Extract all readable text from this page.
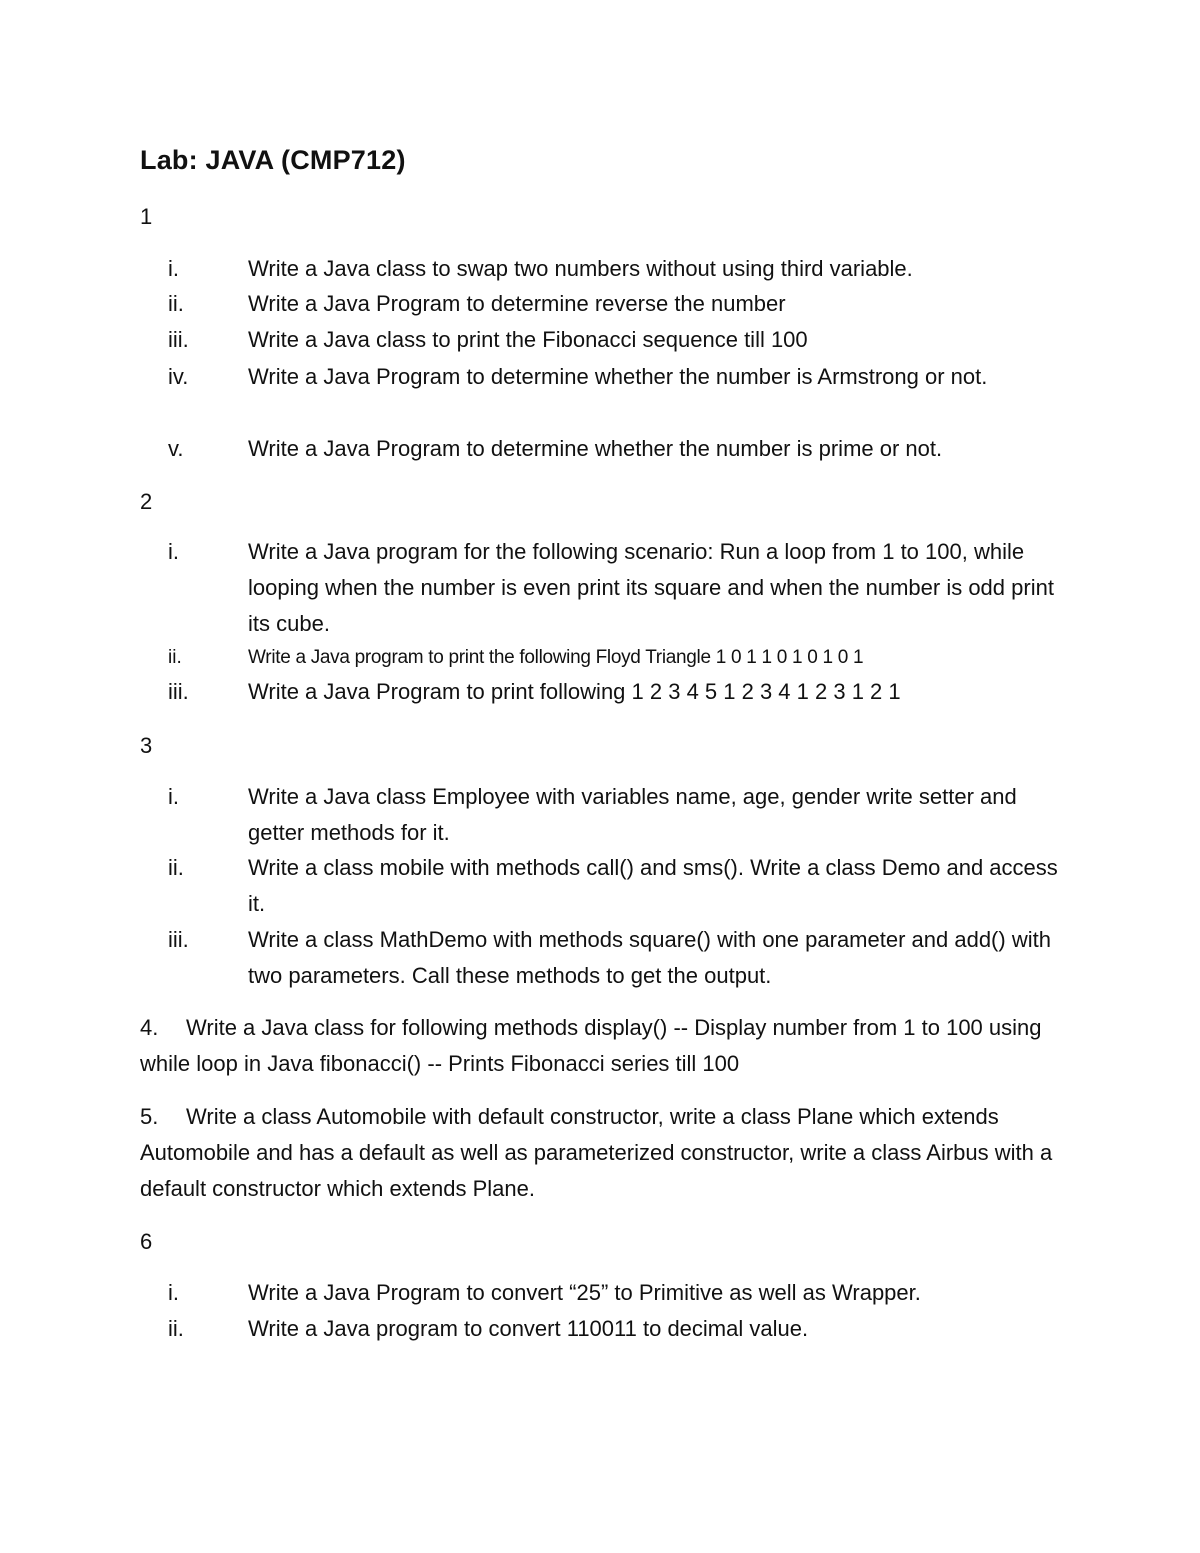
Lab: JAVA (CMP712)
1
i.	Write a Java class to swap two numbers without using third variable.
ii.	Write a Java Program to determine reverse the number
iii.	Write a Java class to print the Fibonacci sequence till 100
iv.	Write a Java Program to determine whether the number is Armstrong or not.
v.	Write a Java Program to determine whether the number is prime or not.
2
i.	Write a Java program for the following scenario: Run a loop from 1 to 100, while looping when the number is even print its square and when the number is odd print its cube.
ii.	Write a Java program to print the following Floyd Triangle 1 0 1 1 0 1 0 1 0 1
iii.	Write a Java Program to print following 1 2 3 4 5 1 2 3 4 1 2 3 1 2 1
3
i.	Write a Java class Employee with variables name, age, gender write setter and getter methods for it.
ii.	Write a class mobile with methods call() and sms(). Write a class Demo and access it.
iii.	Write a class MathDemo with methods square() with one parameter and add() with two parameters. Call these methods to get the output.
4. Write a Java class for following methods display() -- Display number from 1 to 100 using while loop in Java fibonacci() -- Prints Fibonacci series till 100
5. Write a class Automobile with default constructor, write a class Plane which extends Automobile and has a default as well as parameterized constructor, write a class Airbus with a default constructor which extends Plane.
6
i.	Write a Java Program to convert “25” to Primitive as well as Wrapper.
ii.	Write a Java program to convert 110011 to decimal value.
